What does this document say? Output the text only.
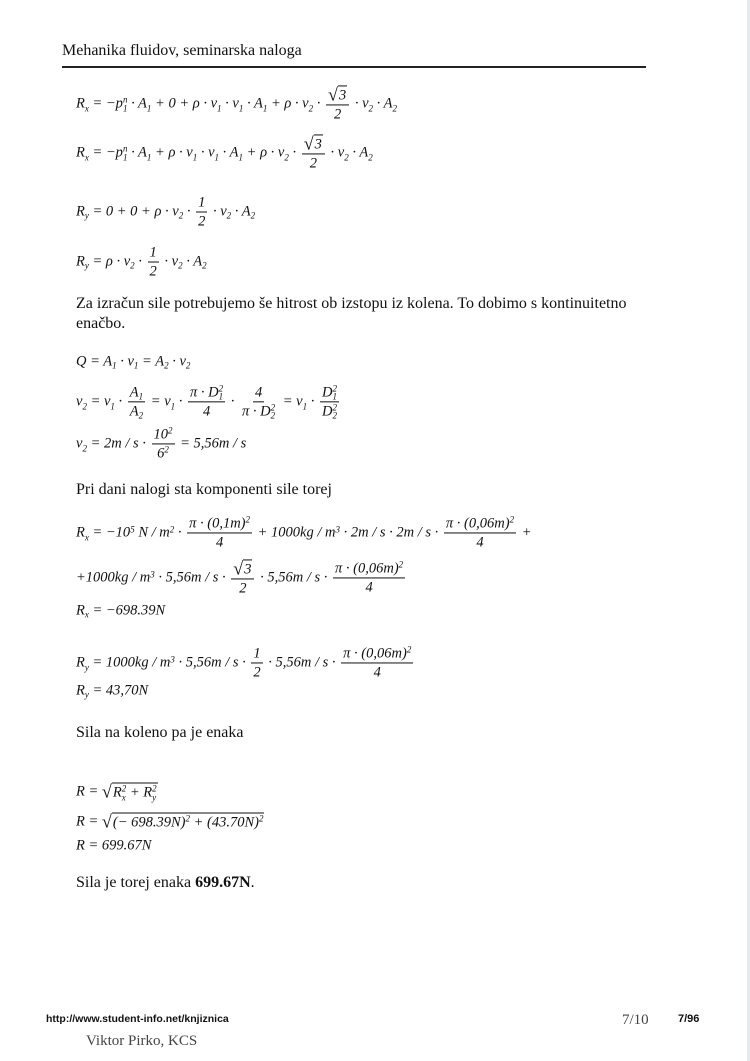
Mehanika fluidov, seminarska naloga
R x = −p n
1 · A 1 + 0 + ρ · v 1 · v 1 · A 1 + ρ · v $2 \cdot \frac{√ 3}{2} \cdot v$ 2 · A 2
R x = −p n
1 · A 1 + ρ · v 1 · v 1 · A 1 + ρ · v $2 \cdot \frac{√ 3}{2} \cdot v$ 2 · A 2
R y = 0 + 0 + ρ · v $2 \cdot \frac{1}{2} \cdot v$ 2 · A 2
R y = ρ · v $2 \cdot \frac{1}{2} \cdot v$ 2 · A 2
Za izračun sile potrebujemo še hitrost ob izstopu iz kolena. To dobimo s kontinuitetno enačbo.
Q = A 1 · v 1 = A 2 · v 2
v 2 = v $1 \cdot \frac{A 1}{A 2} = v$ 1 · π · D 2
1
4 · 4
π · D 2
2 = v 1 · D 2
1
D 2
2
v $2 = 2m / s \cdot \frac{10 2}{6 2} = 5,56m / s$
Pri dani nalogi sta komponenti sile torej
R x = −10 5 N / m $2 \cdot \frac{\pi \cdot (0,1m) 2}{4} + 1000kg / m$ $3 \cdot 2m / s \cdot 2m / s \cdot \frac{\pi \cdot (0,06m) 2}{4}$ +
+1000kg / m $3 \cdot 5,56m / s \cdot \frac{√ 3}{2} \cdot 5,56m / s \cdot \frac{\pi \cdot (0,06m) 2}{4}$
R x = −698.39N
R y = 1000kg / m $3 \cdot 5,56m / s \cdot \frac{1}{2} \cdot 5,56m / s \cdot \frac{\pi \cdot (0,06m) 2}{4}$
R y = 43,70N
Sila na koleno pa je enaka
R = √ R 2
x + R 2
y
R = √ (− 698.39N) 2 + (43.70N) 2
R = 699.67N
Sila je torej enaka 699.67N.
http://www.student-info.net/knjiznica
Viktor Pirko, KCS
7/10	7/96
